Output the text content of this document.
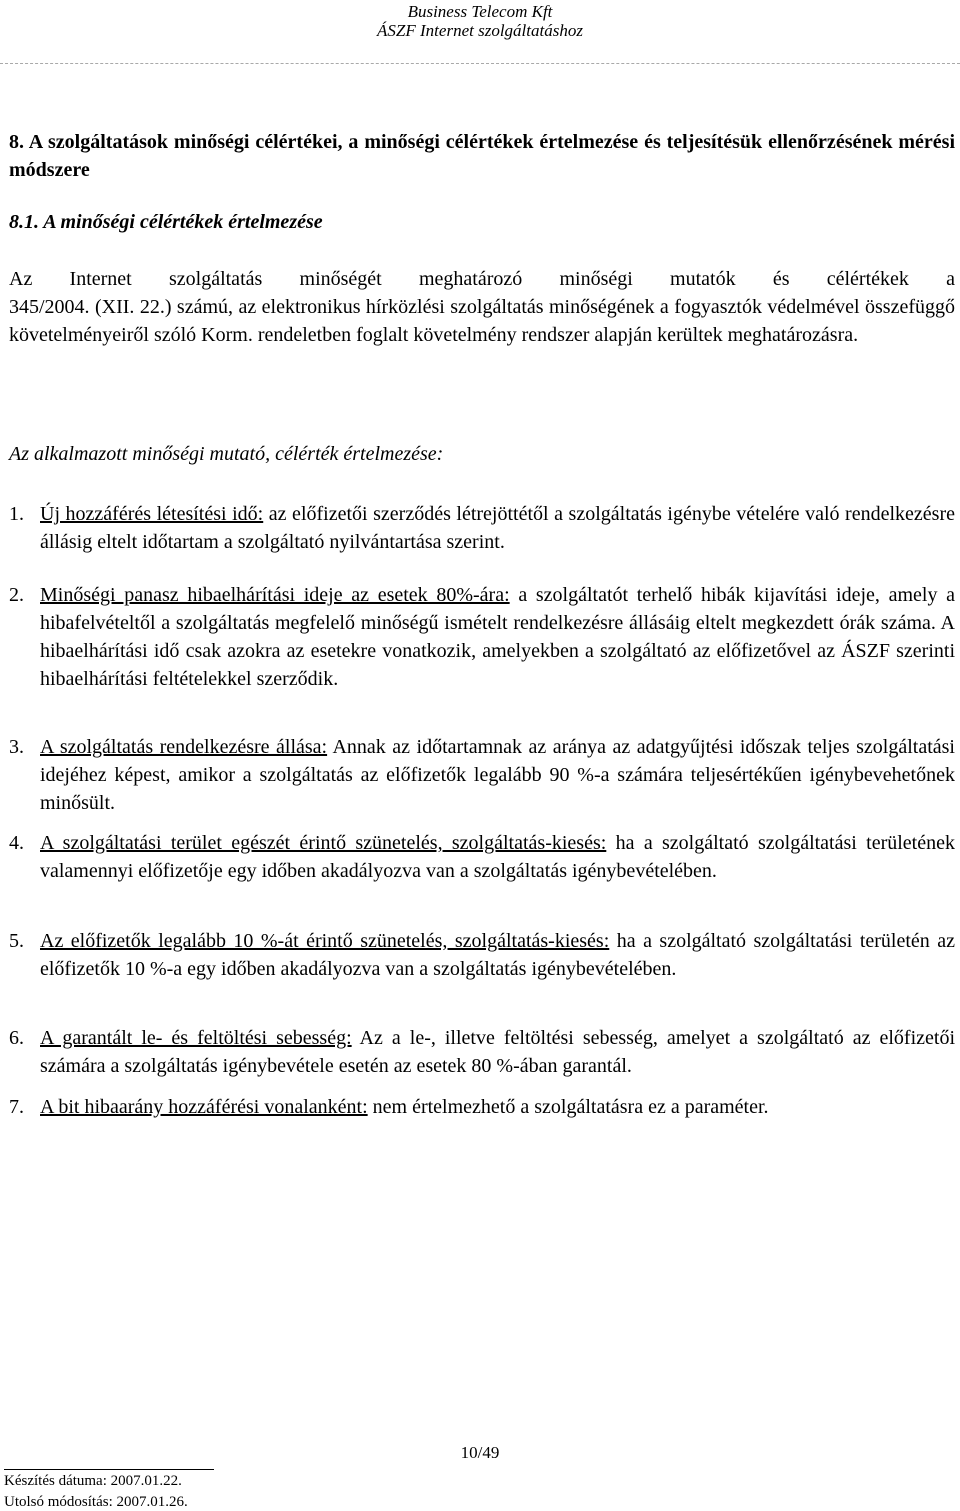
Business Telecom Kft
ÁSZF Internet szolgáltatáshoz
8. A szolgáltatások minőségi célértékei, a minőségi célértékek értelmezése és teljesítésük ellenőrzésének mérési módszere
8.1. A minőségi célértékek értelmezése
Az Internet szolgáltatás minőségét meghatározó minőségi mutatók és célértékek a
345/2004. (XII. 22.) számú, az elektronikus hírközlési szolgáltatás minőségének a fogyasztók védelmével összefüggő követelményeiről szóló Korm. rendeletben foglalt követelmény rendszer alapján kerültek meghatározásra.
Az alkalmazott minőségi mutató, célérték értelmezése:
1. Új hozzáférés létesítési idő: az előfizetői szerződés létrejöttétől a szolgáltatás igénybe vételére való rendelkezésre állásig eltelt időtartam a szolgáltató nyilvántartása szerint.
2. Minőségi panasz hibaelhárítási ideje az esetek 80%-ára: a szolgáltatót terhelő hibák kijavítási ideje, amely a hibafelvételtől a szolgáltatás megfelelő minőségű ismételt rendelkezésre állásáig eltelt megkezdett órák száma. A hibaelhárítási idő csak azokra az esetekre vonatkozik, amelyekben a szolgáltató az előfizetővel az ÁSZF szerinti hibaelhárítási feltételekkel szerződik.
3. A szolgáltatás rendelkezésre állása: Annak az időtartamnak az aránya az adatgyűjtési időszak teljes szolgáltatási idejéhez képest, amikor a szolgáltatás az előfizetők legalább 90 %-a számára teljesértékűen igénybevehetőnek minősült.
4. A szolgáltatási terület egészét érintő szünetelés, szolgáltatás-kiesés: ha a szolgáltató szolgáltatási területének valamennyi előfizetője egy időben akadályozva van a szolgáltatás igénybevételében.
5. Az előfizetők legalább 10 %-át érintő szünetelés, szolgáltatás-kiesés: ha a szolgáltató szolgáltatási területén az előfizetők 10 %-a egy időben akadályozva van a szolgáltatás igénybevételében.
6. A garantált le- és feltöltési sebesség: Az a le-, illetve feltöltési sebesség, amelyet a szolgáltató az előfizetői számára a szolgáltatás igénybevétele esetén az esetek 80 %-ában garantál.
7. A bit hibaarány hozzáférési vonalanként: nem értelmezhető a szolgáltatásra ez a paraméter.
10/49
Készítés dátuma: 2007.01.22.
Utolsó módosítás: 2007.01.26.
